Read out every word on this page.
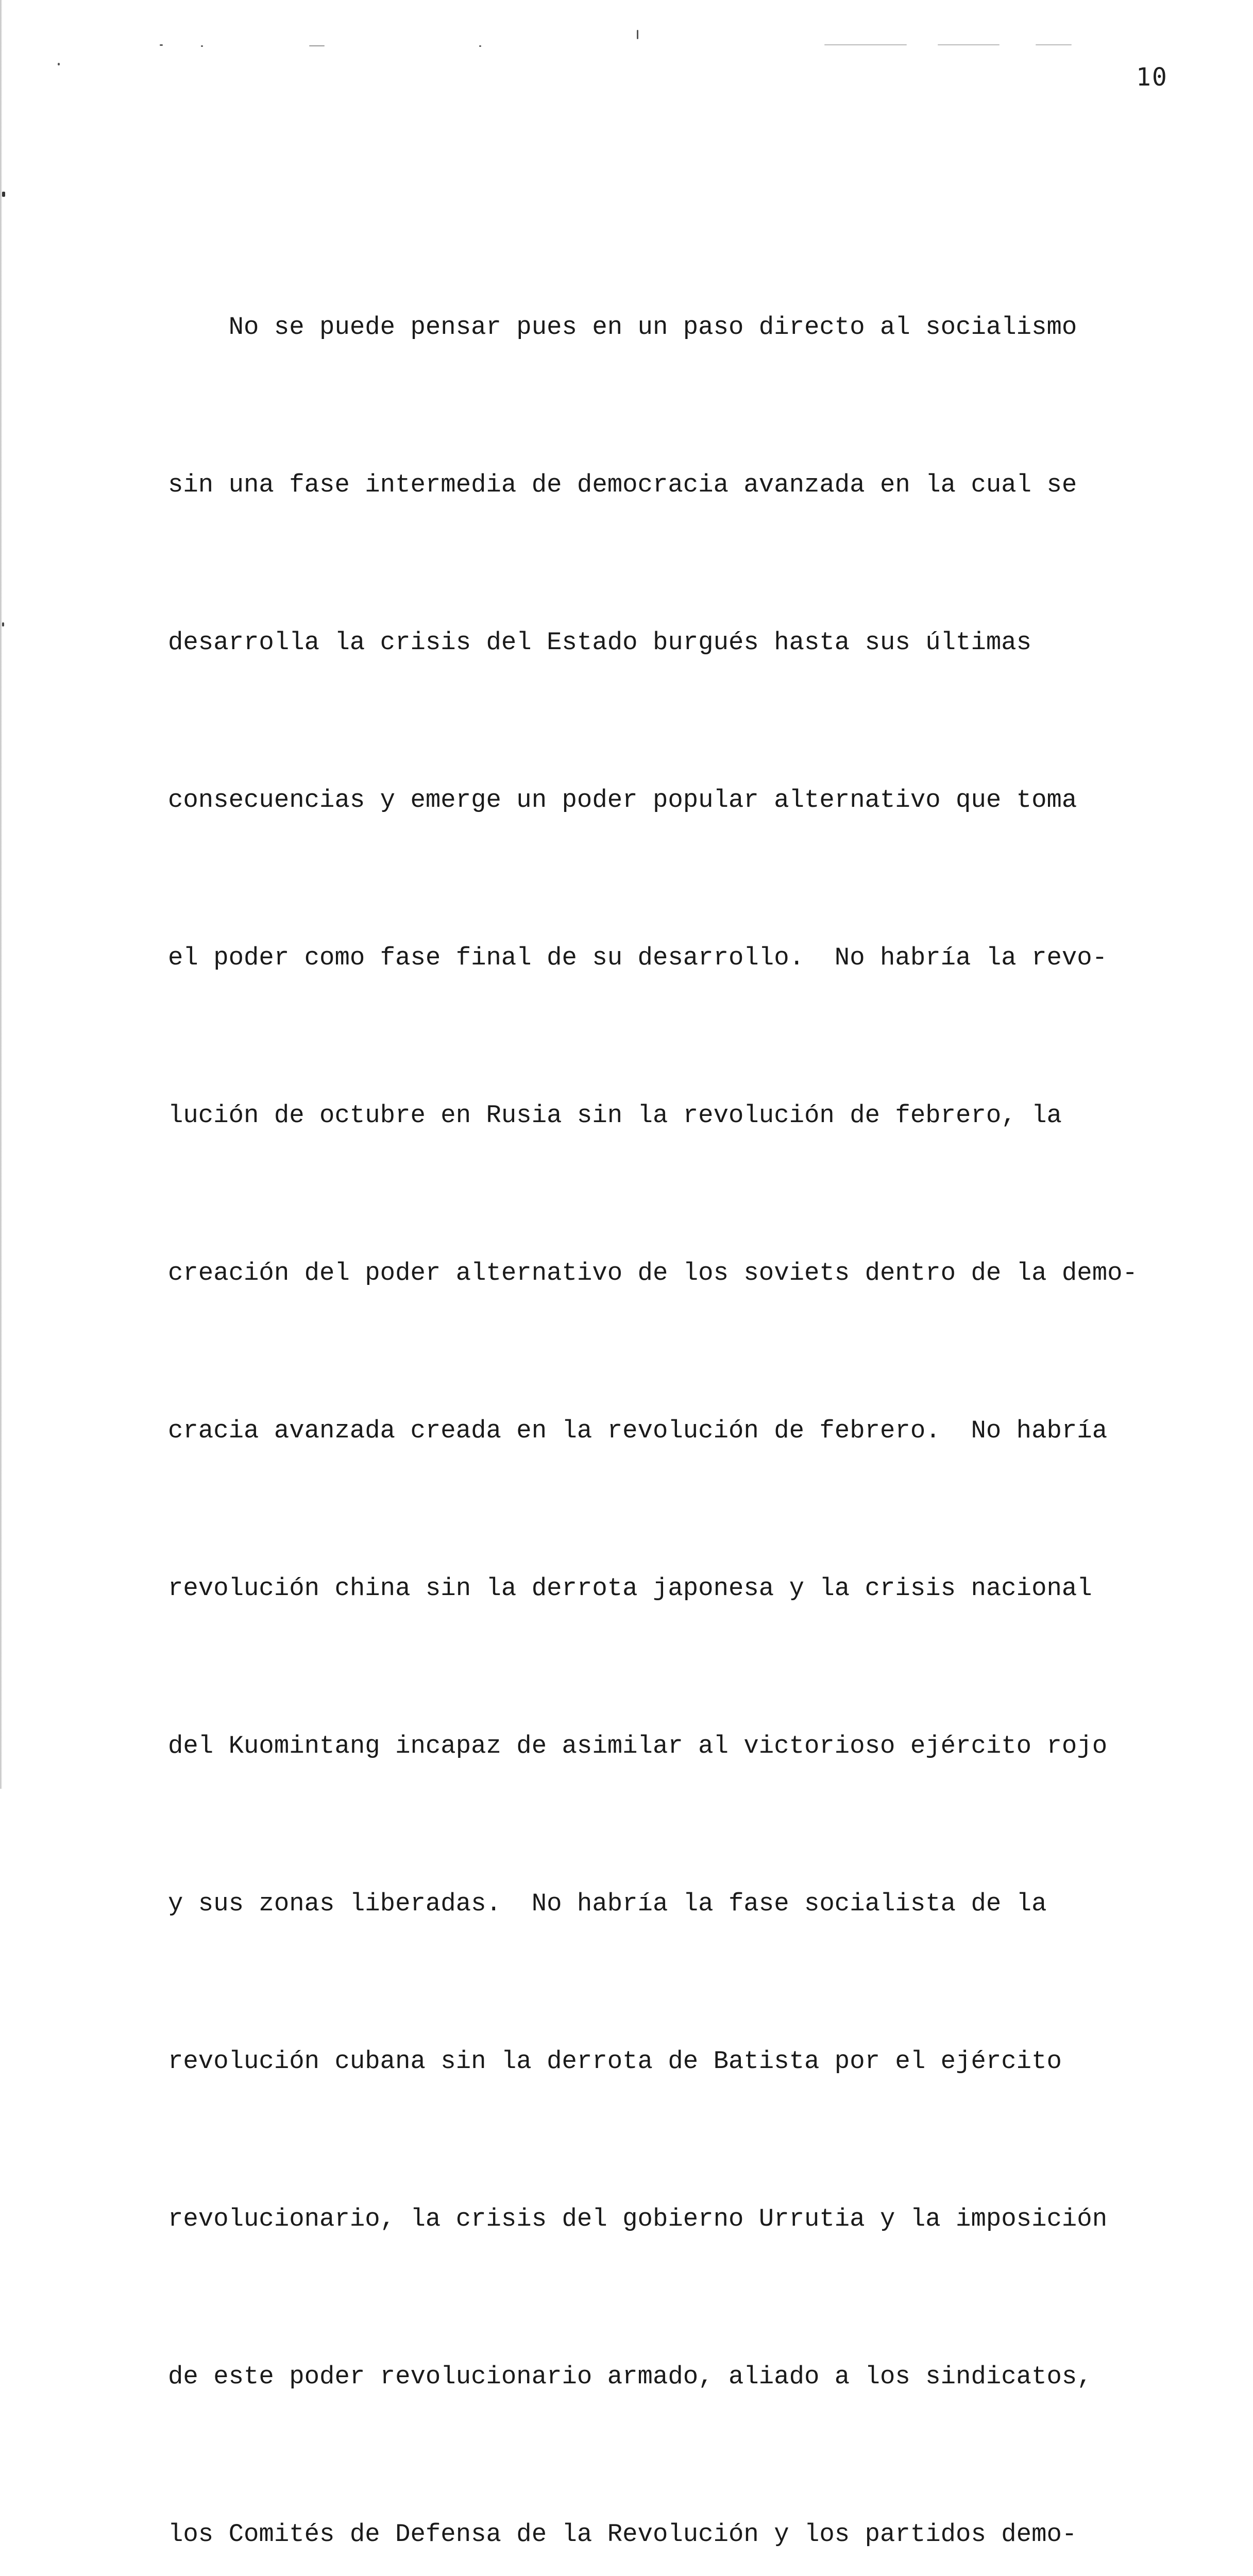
10

No se puede pensar pues en un paso directo al socialismo

sin una fase intermedia de democracia avanzada en la cual se

desarrolla la crisis del Estado burgués hasta sus últimas

consecuencias y emerge un poder popular alternativo que toma

el poder como fase final de su desarrollo.  No habría la revo-

lución de octubre en Rusia sin la revolución de febrero, la

creación del poder alternativo de los soviets dentro de la demo-

cracia avanzada creada en la revolución de febrero.  No habría

revolución china sin la derrota japonesa y la crisis nacional

del Kuomintang incapaz de asimilar al victorioso ejército rojo

y sus zonas liberadas.  No habría la fase socialista de la

revolución cubana sin la derrota de Batista por el ejército

revolucionario, la crisis del gobierno Urrutia y la imposición

de este poder revolucionario armado, aliado a los sindicatos,

los Comités de Defensa de la Revolución y los partidos demo-
